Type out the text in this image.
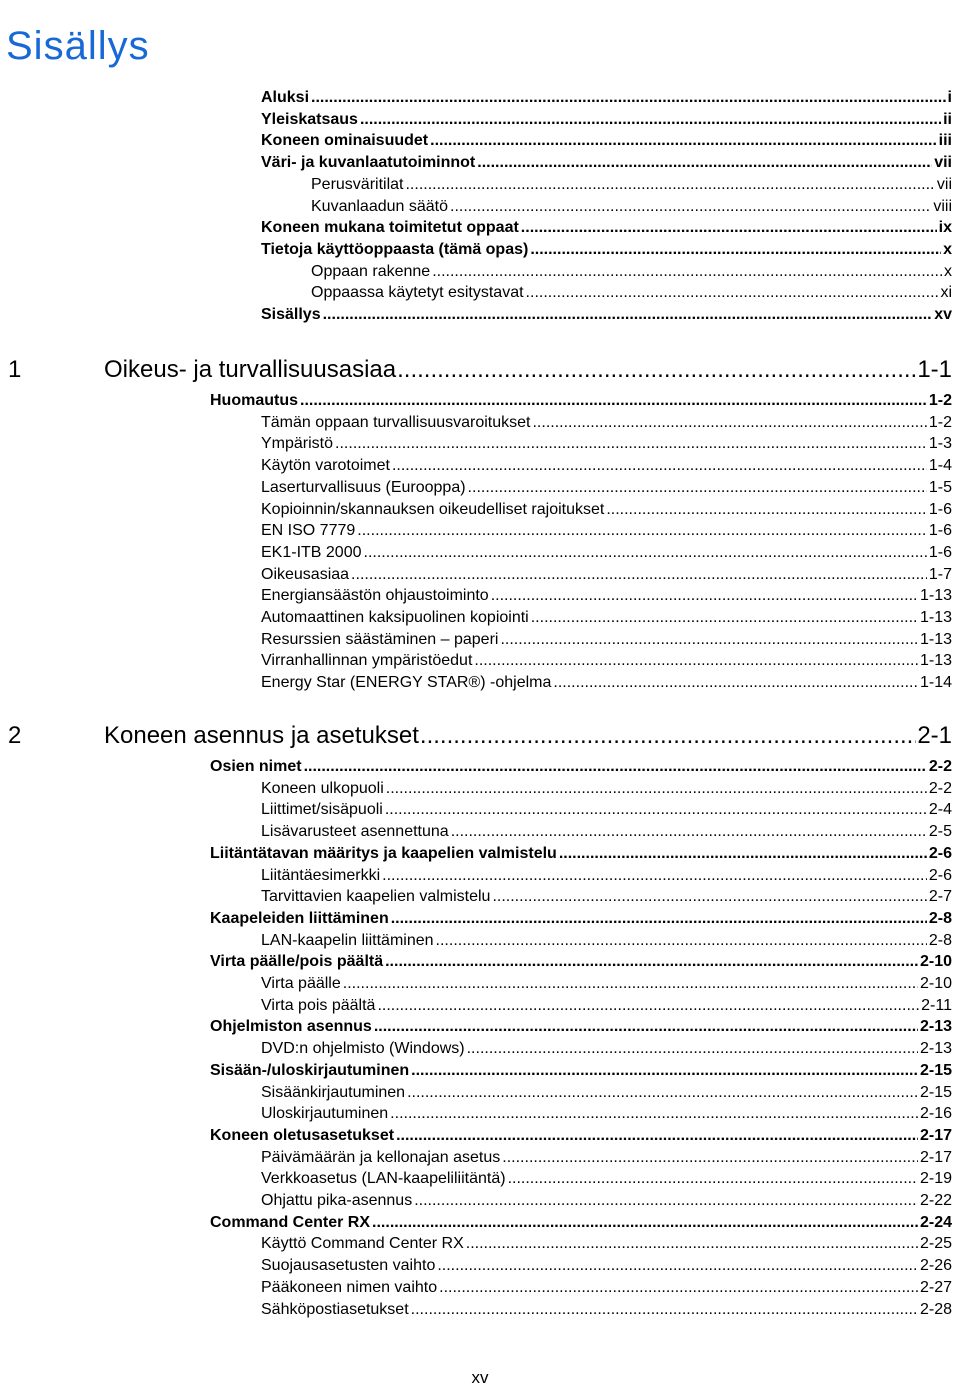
Sisällys
Aluksi .....	i
Yleiskatsaus .....	ii
Koneen ominaisuudet .....	iii
Väri- ja kuvanlaatutoiminnot .....	vii
Perusväritilat .....	vii
Kuvanlaadun säätö .....	viii
Koneen mukana toimitetut oppaat .....	ix
Tietoja käyttöoppaasta (tämä opas) .....	x
Oppaan rakenne .....	x
Oppaassa käytetyt esitystavat .....	xi
Sisällys .....	xv
1	Oikeus- ja turvallisuusasiaa .....	1-1
Huomautus .....	1-2
Tämän oppaan turvallisuusvaroitukset .....	1-2
Ympäristö .....	1-3
Käytön varotoimet .....	1-4
Laserturvallisuus (Eurooppa) .....	1-5
Kopioinnin/skannauksen oikeudelliset rajoitukset .....	1-6
EN ISO 7779 .....	1-6
EK1-ITB 2000 .....	1-6
Oikeusasiaa .....	1-7
Energiansäästön ohjaustoiminto .....	1-13
Automaattinen kaksipuolinen kopiointi .....	1-13
Resurssien säästäminen – paperi .....	1-13
Virranhallinnan ympäristöedut .....	1-13
Energy Star (ENERGY STAR®) -ohjelma .....	1-14
2	Koneen asennus ja asetukset .....	2-1
Osien nimet .....	2-2
Koneen ulkopuoli .....	2-2
Liittimet/sisäpuoli .....	2-4
Lisävarusteet asennettuna .....	2-5
Liitäntätavan määritys ja kaapelien valmistelu .....	2-6
Liitäntäesimerkki .....	2-6
Tarvittavien kaapelien valmistelu .....	2-7
Kaapeleiden liittäminen .....	2-8
LAN-kaapelin liittäminen .....	2-8
Virta päälle/pois päältä .....	2-10
Virta päälle .....	2-10
Virta pois päältä .....	2-11
Ohjelmiston asennus .....	2-13
DVD:n ohjelmisto (Windows) .....	2-13
Sisään-/uloskirjautuminen .....	2-15
Sisäänkirjautuminen .....	2-15
Uloskirjautuminen .....	2-16
Koneen oletusasetukset .....	2-17
Päivämäärän ja kellonajan asetus .....	2-17
Verkkoasetus (LAN-kaapeliliitäntä) .....	2-19
Ohjattu pika-asennus .....	2-22
Command Center RX .....	2-24
Käyttö Command Center RX .....	2-25
Suojausasetusten vaihto .....	2-26
Pääkoneen nimen vaihto .....	2-27
Sähköpostiasetukset .....	2-28
xv
